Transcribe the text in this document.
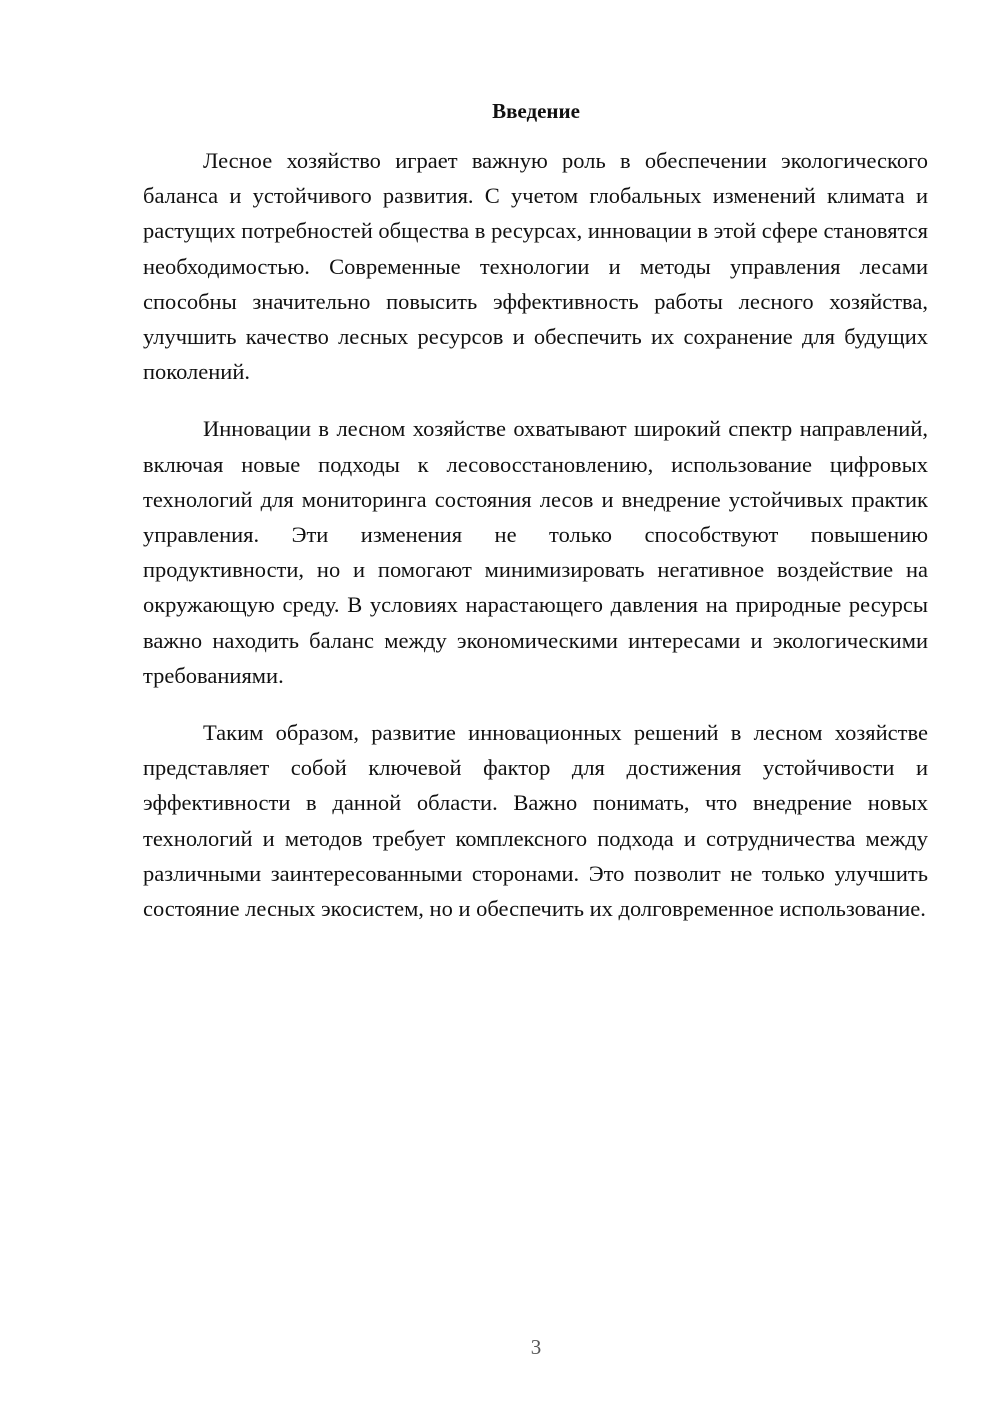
Введение

Лесное хозяйство играет важную роль в обеспечении экологического баланса и устойчивого развития. С учетом глобальных изменений климата и растущих потребностей общества в ресурсах, инновации в этой сфере становятся необходимостью. Современные технологии и методы управления лесами способны значительно повысить эффективность работы лесного хозяйства, улучшить качество лесных ресурсов и обеспечить их сохранение для будущих поколений.

Инновации в лесном хозяйстве охватывают широкий спектр направлений, включая новые подходы к лесовосстановлению, использование цифровых технологий для мониторинга состояния лесов и внедрение устойчивых практик управления. Эти изменения не только способствуют повышению продуктивности, но и помогают минимизировать негативное воздействие на окружающую среду. В условиях нарастающего давления на природные ресурсы важно находить баланс между экономическими интересами и экологическими требованиями.

Таким образом, развитие инновационных решений в лесном хозяйстве представляет собой ключевой фактор для достижения устойчивости и эффективности в данной области. Важно понимать, что внедрение новых технологий и методов требует комплексного подхода и сотрудничества между различными заинтересованными сторонами. Это позволит не только улучшить состояние лесных экосистем, но и обеспечить их долговременное использование.

3
